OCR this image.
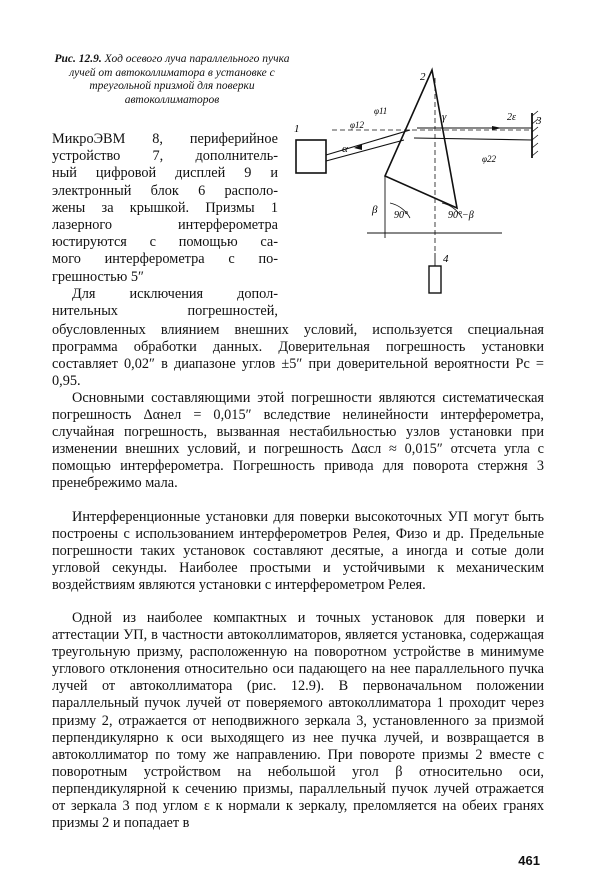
Рис. 12.9. Ход осевого луча параллельного пучка лучей от автоколлиматора в установке с треугольной призмой для поверки автоколлиматоров
1
2
3
4
α
γ
φ12
φ11
φ22
2ε
β 90°	90°−β

МикроЭВМ 8, периферийное

устройство 7, дополнитель-

ный цифровой дисплей 9 и

электронный блок 6 располо-

жены за крышкой. Призмы 1

лазерного интерферометра

юстируются с помощью са-

мого интерферометра с по-

грешностью 5″

Для исключения допол-

нительных погрешностей,

обусловленных влиянием внешних условий, используется специальная программа обработки данных. Доверительная погрешность установки составляет 0,02″ в диапазоне углов ±5″ при доверительной вероятности Pc = 0,95.

Основными составляющими этой погрешности являются систематическая погрешность Δαнел = 0,015″ вследствие нелинейности интерферометра, случайная погрешность, вызванная нестабильностью узлов установки при изменении внешних условий, и погрешность Δαсл ≈ 0,015″ отсчета угла с помощью интерферометра. Погрешность привода для поворота стержня 3 пренебрежимо мала.

Интерференционные установки для поверки высокоточных УП могут быть построены с использованием интерферометров Релея, Физо и др. Предельные погрешности таких установок составляют десятые, а иногда и сотые доли угловой секунды. Наиболее простыми и устойчивыми к механическим воздействиям являются установки с интерферометром Релея.

Одной из наиболее компактных и точных установок для поверки и аттестации УП, в частности автоколлиматоров, является установка, содержащая треугольную призму, расположенную на поворотном устройстве в минимуме углового отклонения относительно оси падающего на нее параллельного пучка лучей от автоколлиматора (рис. 12.9). В первоначальном положении параллельный пучок лучей от поверяемого автоколлиматора 1 проходит через призму 2, отражается от неподвижного зеркала 3, установленного за призмой перпендикулярно к оси выходящего из нее пучка лучей, и возвращается в автоколлиматор по тому же направлению. При повороте призмы 2 вместе с поворотным устройством на небольшой угол β относительно оси, перпендикулярной к сечению призмы, параллельный пучок лучей отражается от зеркала 3 под углом ε к нормали к зеркалу, преломляется на обеих гранях призмы 2 и попадает в

461
